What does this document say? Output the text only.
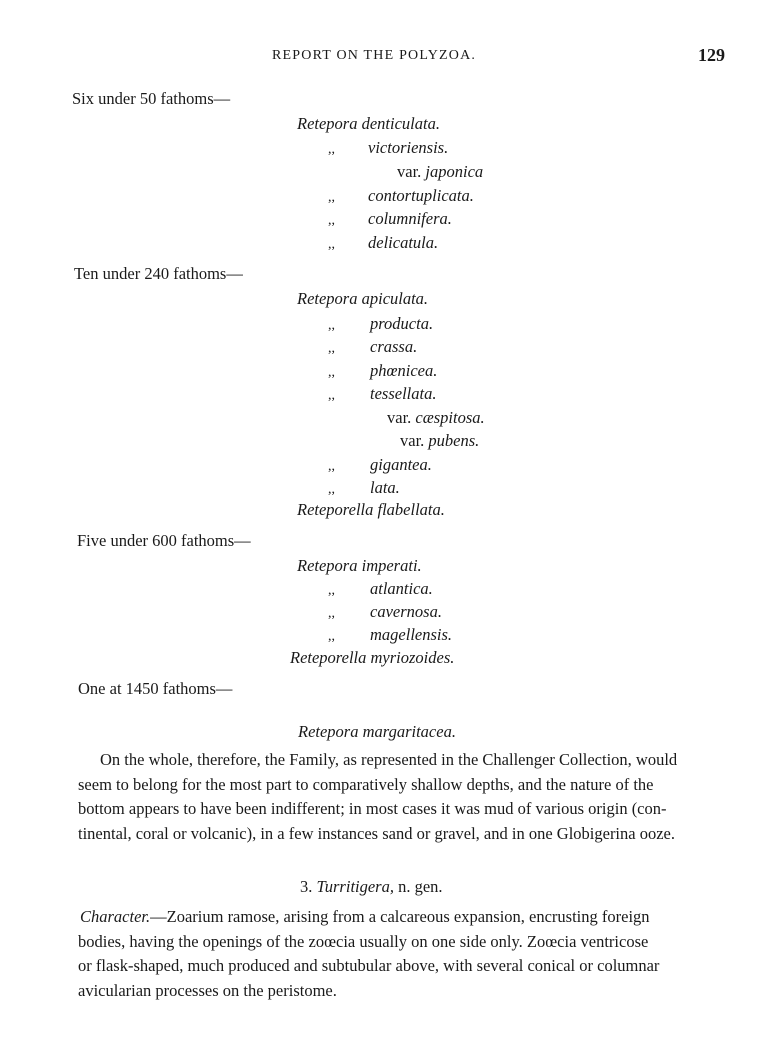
REPORT ON THE POLYZOA.	129
Six under 50 fathoms—
Retepora denticulata.
,, victoriensis.
var. japonica
,, contortuplicata.
,, columnifera.
,, delicatula.
Ten under 240 fathoms—
Retepora apiculata.
,, producta.
,, crassa.
,, phœnicea.
,, tessellata.
var. cæspitosa.
var. pubens.
,, gigantea.
,, lata.
Reteporella flabellata.
Five under 600 fathoms—
Retepora imperati.
,, atlantica.
,, cavernosa.
,, magellensis.
Reteporella myriozoides.
One at 1450 fathoms—
Retepora margaritacea.
On the whole, therefore, the Family, as represented in the Challenger Collection, would
seem to belong for the most part to comparatively shallow depths, and the nature of the
bottom appears to have been indifferent; in most cases it was mud of various origin (con-
tinental, coral or volcanic), in a few instances sand or gravel, and in one Globigerina ooze.
3. Turritigera, n. gen.
Character.—Zoarium ramose, arising from a calcareous expansion, encrusting foreign
bodies, having the openings of the zoœcia usually on one side only. Zoœcia ventricose
or flask-shaped, much produced and subtubular above, with several conical or columnar
avicularian processes on the peristome.
